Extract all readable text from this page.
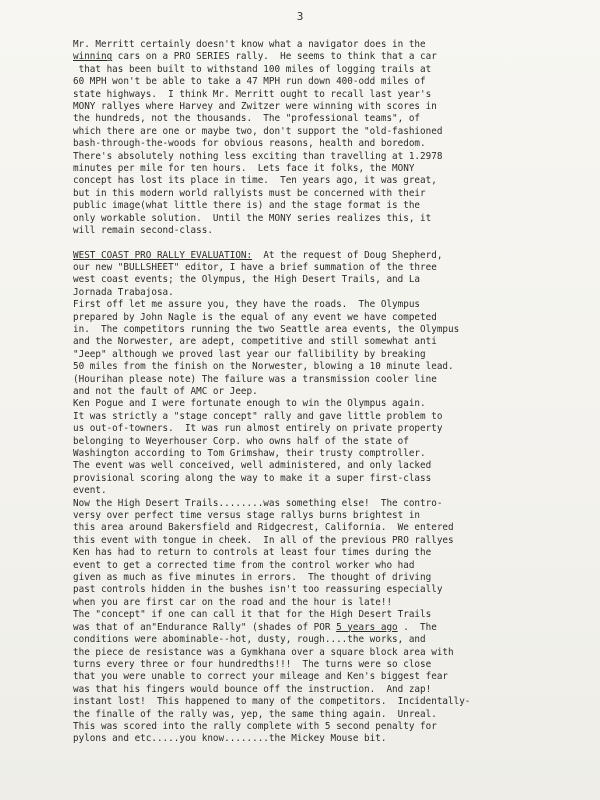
3
Mr. Merritt certainly doesn't know what a navigator does in the
winning cars on a PRO SERIES rally.  He seems to think that a car
that has been built to withstand 100 miles of logging trails at
60 MPH won't be able to take a 47 MPH run down 400-odd miles of
state highways.  I think Mr. Merritt ought to recall last year's
MONY rallyes where Harvey and Zwitzer were winning with scores in
the hundreds, not the thousands.  The "professional teams", of
which there are one or maybe two, don't support the "old-fashioned
bash-through-the-woods for obvious reasons, health and boredom.
There's absolutely nothing less exciting than travelling at 1.2978
minutes per mile for ten hours.  Lets face it folks, the MONY
concept has lost its place in time.  Ten years ago, it was great,
but in this modern world rallyists must be concerned with their
public image(what little there is) and the stage format is the
only workable solution.  Until the MONY series realizes this, it
will remain second-class.
WEST COAST PRO RALLY EVALUATION:  At the request of Doug Shepherd,
our new "BULLSHEET" editor, I have a brief summation of the three
west coast events; the Olympus, the High Desert Trails, and La
Jornada Trabajosa.
First off let me assure you, they have the roads.  The Olympus
prepared by John Nagle is the equal of any event we have competed
in.  The competitors running the two Seattle area events, the Olympus
and the Norwester, are adept, competitive and still somewhat anti
"Jeep" although we proved last year our fallibility by breaking
50 miles from the finish on the Norwester, blowing a 10 minute lead.
(Hourihan please note) The failure was a transmission cooler line
and not the fault of AMC or Jeep.
Ken Pogue and I were fortunate enough to win the Olympus again.
It was strictly a "stage concept" rally and gave little problem to
us out-of-towners.  It was run almost entirely on private property
belonging to Weyerhouser Corp. who owns half of the state of
Washington according to Tom Grimshaw, their trusty comptroller.
The event was well conceived, well administered, and only lacked
provisional scoring along the way to make it a super first-class
event.
Now the High Desert Trails........was something else!  The contro-
versy over perfect time versus stage rallys burns brightest in
this area around Bakersfield and Ridgecrest, California.  We entered
this event with tongue in cheek.  In all of the previous PRO rallyes
Ken has had to return to controls at least four times during the
event to get a corrected time from the control worker who had
given as much as five minutes in errors.  The thought of driving
past controls hidden in the bushes isn't too reassuring especially
when you are first car on the road and the hour is late!!
The "concept" if one can call it that for the High Desert Trails
was that of an"Endurance Rally" (shades of POR 5 years ago .  The
conditions were abominable--hot, dusty, rough....the works, and
the piece de resistance was a Gymkhana over a square block area with
turns every three or four hundredths!!!  The turns were so close
that you were unable to correct your mileage and Ken's biggest fear
was that his fingers would bounce off the instruction.  And zap!
instant lost!  This happened to many of the competitors.  Incidentally-
the finalle of the rally was, yep, the same thing again.  Unreal.
This was scored into the rally complete with 5 second penalty for
pylons and etc.....you know........the Mickey Mouse bit.
